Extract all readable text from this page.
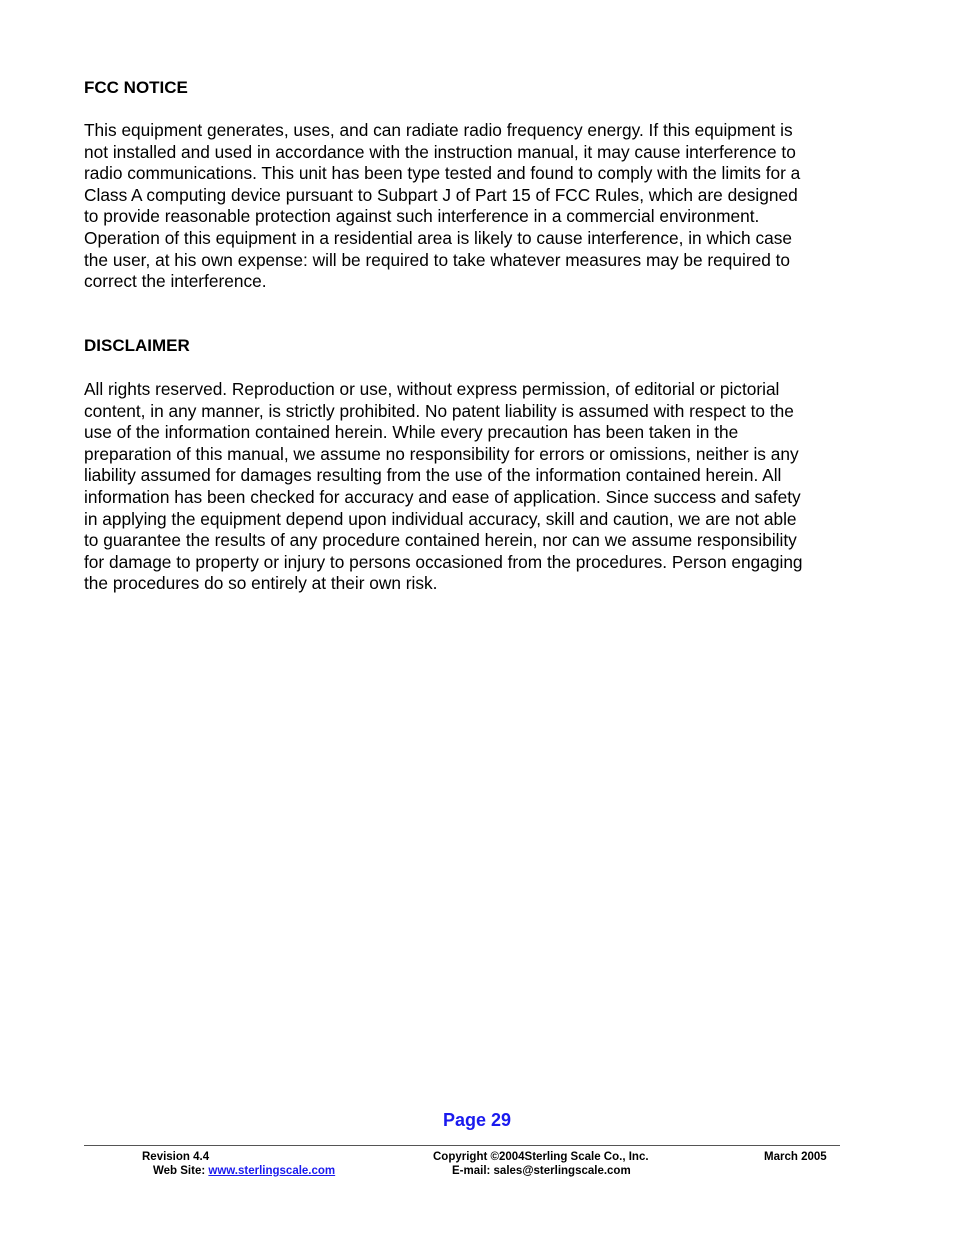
FCC NOTICE

This equipment generates, uses, and can radiate radio frequency energy. If this equipment is
not installed and used in accordance with the instruction manual, it may cause interference to
radio communications. This unit has been type tested and found to comply with the limits for a
Class A computing device pursuant to Subpart J of Part 15 of FCC Rules, which are designed
to provide reasonable protection against such interference in a commercial environment.
Operation of this equipment in a residential area is likely to cause interference, in which case
the user, at his own expense: will be required to take whatever measures may be required to
correct the interference.

DISCLAIMER

All rights reserved. Reproduction or use, without express permission, of editorial or pictorial
content, in any manner, is strictly prohibited. No patent liability is assumed with respect to the
use of the information contained herein. While every precaution has been taken in the
preparation of this manual, we assume no responsibility for errors or omissions, neither is any
liability assumed for damages resulting from the use of the information contained herein. All
information has been checked for accuracy and ease of application. Since success and safety
in applying the equipment depend upon individual accuracy, skill and caution, we are not able
to guarantee the results of any procedure contained herein, nor can we assume responsibility
for damage to property or injury to persons occasioned from the procedures. Person engaging
the procedures do so entirely at their own risk.

Page 29
Revision 4.4
Web Site: www.sterlingscale.com
Copyright ©2004Sterling Scale Co., Inc.
E-mail: sales@sterlingscale.com
March 2005
